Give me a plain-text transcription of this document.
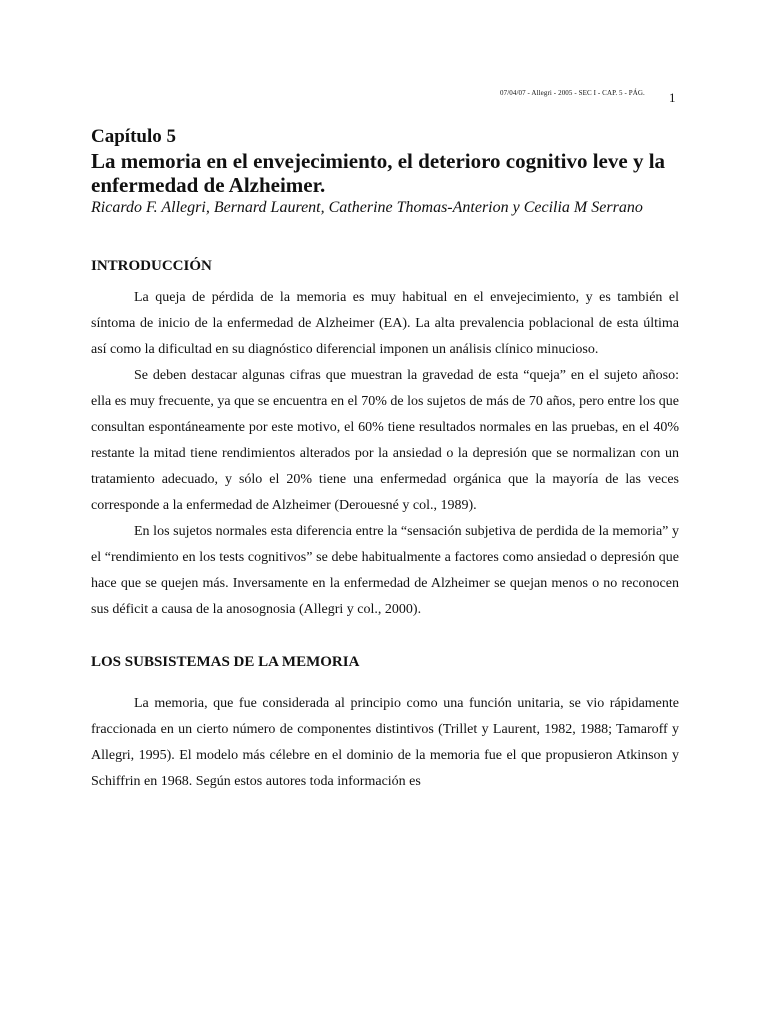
07/04/07 - Allegri - 2005 - SEC I - CAP. 5 - PÁG. 1

Capítulo 5

La memoria en el envejecimiento, el deterioro cognitivo leve y la enfermedad de Alzheimer.

Ricardo F. Allegri, Bernard Laurent, Catherine Thomas-Anterion y Cecilia M Serrano

INTRODUCCIÓN

La queja de pérdida de la memoria es muy habitual en el envejecimiento, y es también el síntoma de inicio de la enfermedad de Alzheimer (EA). La alta prevalencia poblacional de esta última así como la dificultad en su diagnóstico diferencial imponen un análisis clínico minucioso.

Se deben destacar algunas cifras que muestran la gravedad de esta “queja” en el sujeto añoso: ella es muy frecuente, ya que se encuentra en el 70% de los sujetos de más de 70 años, pero entre los que consultan espontáneamente por este motivo, el 60% tiene resultados normales en las pruebas, en el 40% restante la mitad tiene rendimientos alterados por la ansiedad o la depresión que se normalizan con un tratamiento adecuado, y sólo el 20% tiene una enfermedad orgánica que la mayoría de las veces corresponde a la enfermedad de Alzheimer (Derouesné y col., 1989).

En los sujetos normales esta diferencia entre la “sensación subjetiva de perdida de la memoria” y el “rendimiento en los tests cognitivos” se debe habitualmente a factores como ansiedad o depresión que hace que se quejen más. Inversamente en la enfermedad de Alzheimer se quejan menos o no reconocen sus déficit a causa de la anosognosia (Allegri y col., 2000).

LOS SUBSISTEMAS DE LA MEMORIA

La memoria, que fue considerada al principio como una función unitaria, se vio rápidamente fraccionada en un cierto número de componentes distintivos (Trillet y Laurent, 1982, 1988; Tamaroff y Allegri, 1995). El modelo más célebre en el dominio de la memoria fue el que propusieron Atkinson y Schiffrin en 1968. Según estos autores toda información es
